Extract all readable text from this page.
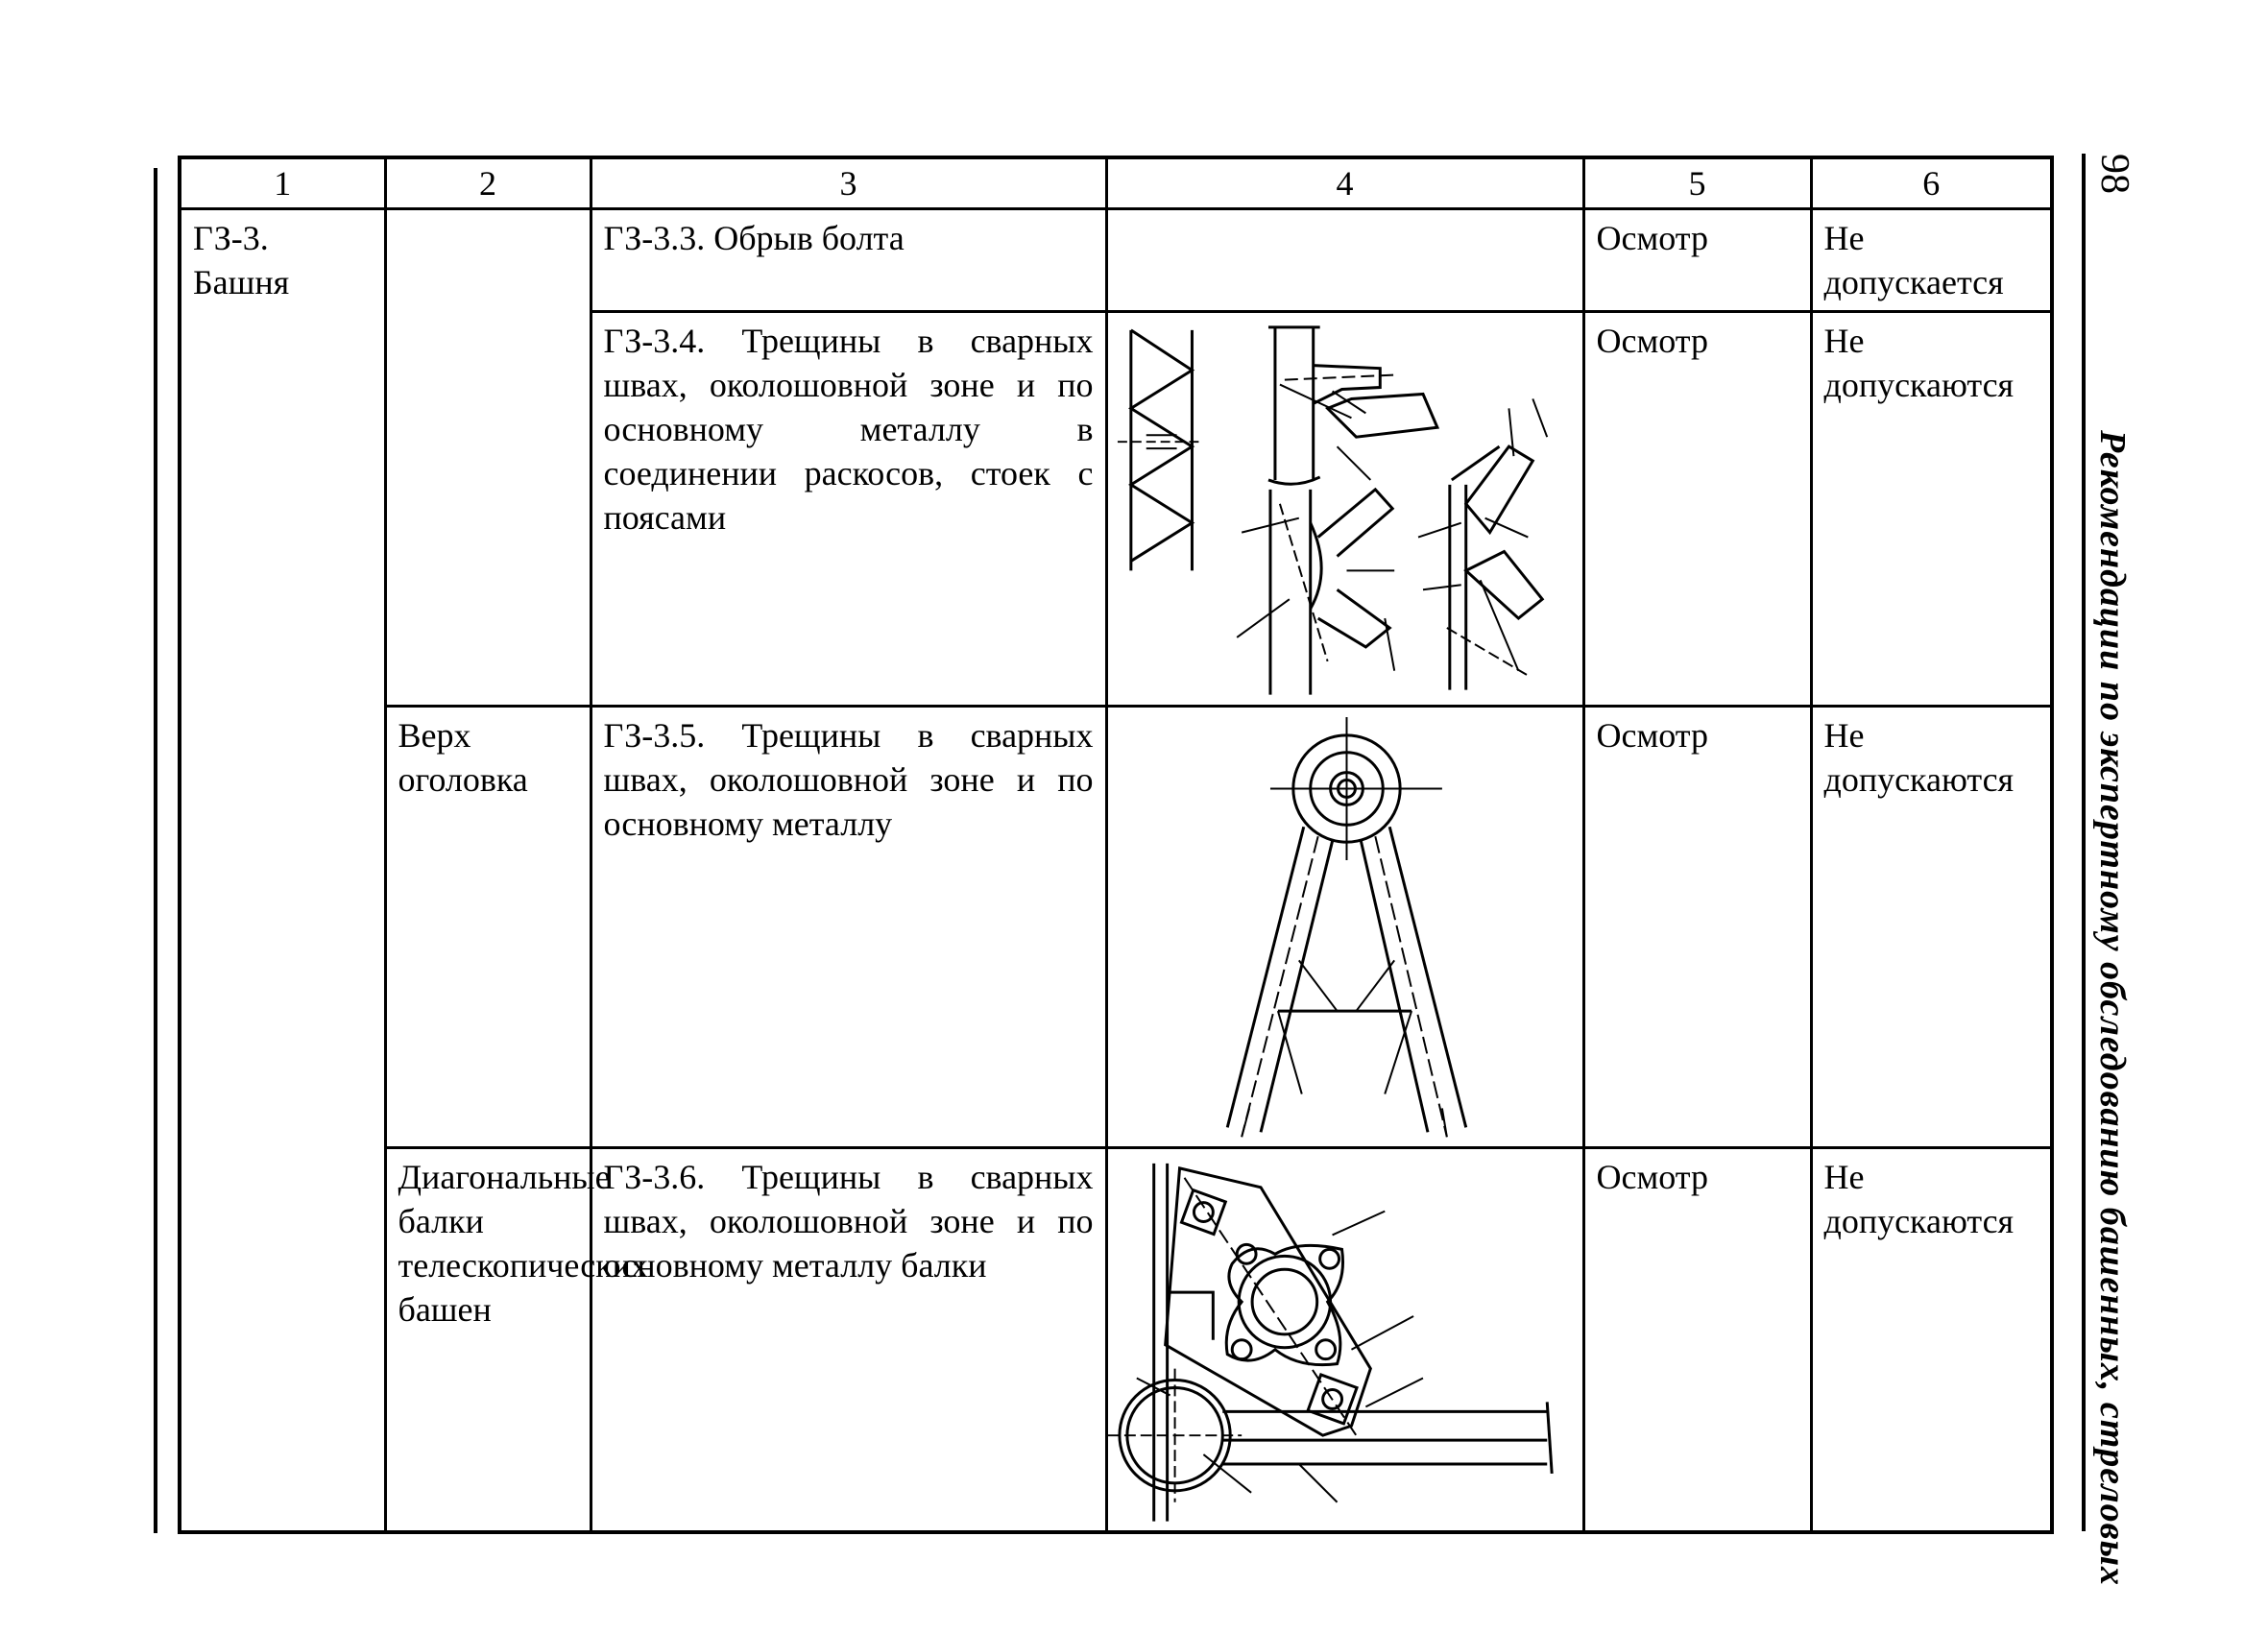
1	2	3	4	5	6
ГЗ-3. Башня		ГЗ-3.3. Обрыв болта		Осмотр	Не допускается
		ГЗ-3.4. Трещины в сварных швах, околошовной зоне и по основному металлу в соединении раскосов, стоек с поясами		Осмотр	Не допускаются
	Верх оголовка	ГЗ-3.5. Трещины в сварных швах, околошовной зоне и по основному металлу		Осмотр	Не допускаются
	Диагональные балки телескопических башен	ГЗ-3.6. Трещины в сварных швах, околошовной зоне и по основному металлу балки		Осмотр	Не допускаются
98
Рекомендации по экспертному обследованию башенных, стреловых
